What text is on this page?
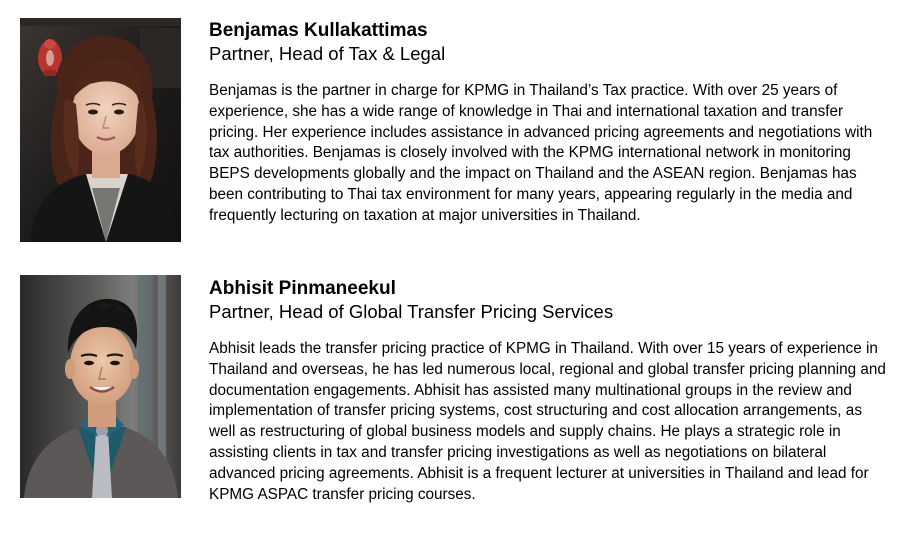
Benjamas Kullakattimas

Partner, Head of Tax & Legal

Benjamas is the partner in charge for KPMG in Thailand’s Tax practice. With over 25 years of experience, she has a wide range of knowledge in Thai and international taxation and transfer pricing. Her experience includes assistance in advanced pricing agreements and negotiations with tax authorities. Benjamas is closely involved with the KPMG international network in monitoring BEPS developments globally and the impact on Thailand and the ASEAN region. Benjamas has been contributing to Thai tax environment for many years, appearing regularly in the media and frequently lecturing on taxation at major universities in Thailand.

Abhisit Pinmaneekul

Partner, Head of Global Transfer Pricing Services

Abhisit leads the transfer pricing practice of KPMG in Thailand. With over 15 years of experience in Thailand and overseas, he has led numerous local, regional and global transfer pricing planning and documentation engagements. Abhisit has assisted many multinational groups in the review and implementation of transfer pricing systems, cost structuring and cost allocation arrangements, as well as restructuring of global business models and supply chains. He plays a strategic role in assisting clients in tax and transfer pricing investigations as well as negotiations on bilateral advanced pricing agreements. Abhisit is a frequent lecturer at universities in Thailand and lead for KPMG ASPAC transfer pricing courses.
